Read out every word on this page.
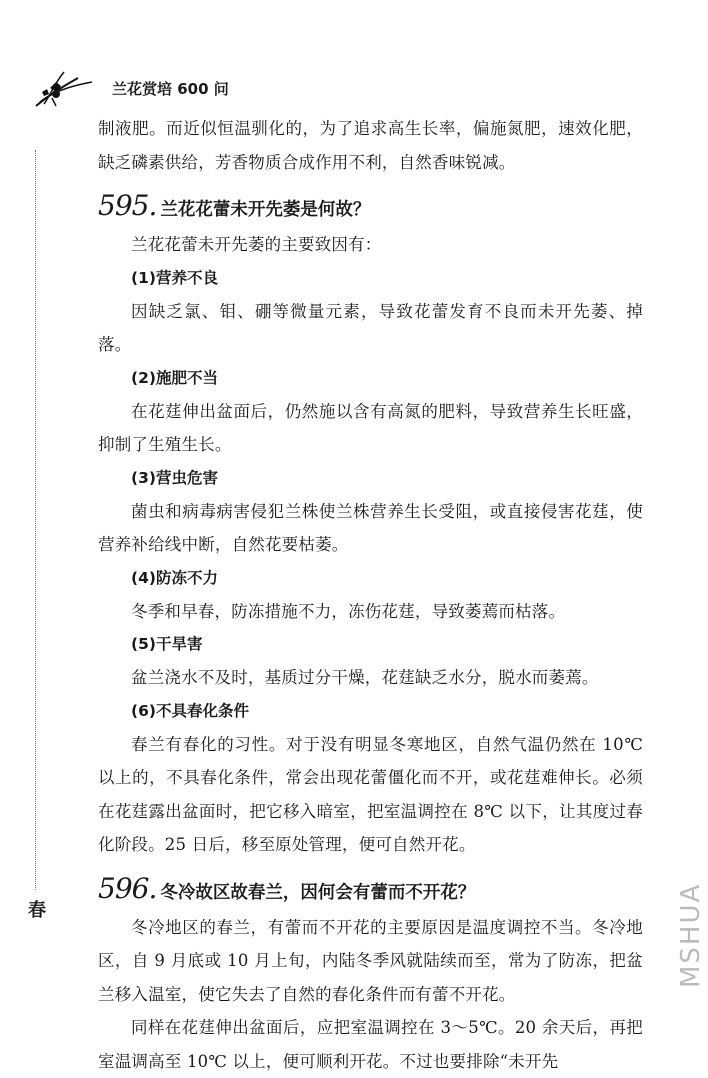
兰花赏培 600 问

制液肥。而近似恒温驯化的，为了追求高生长率，偏施氮肥，速效化肥，缺乏磷素供给，芳香物质合成作用不利，自然香味锐减。

595. 兰花花蕾未开先萎是何故？

兰花花蕾未开先萎的主要致因有：

(1)营养不良

因缺乏氯、钼、硼等微量元素，导致花蕾发育不良而未开先萎、掉落。

(2)施肥不当

在花莛伸出盆面后，仍然施以含有高氮的肥料，导致营养生长旺盛，抑制了生殖生长。

(3)营虫危害

菌虫和病毒病害侵犯兰株使兰株营养生长受阻，或直接侵害花莛，使营养补给线中断，自然花要枯萎。

(4)防冻不力

冬季和早春，防冻措施不力，冻伤花莛，导致萎蔫而枯落。

(5)干旱害

盆兰浇水不及时，基质过分干燥，花莛缺乏水分，脱水而萎蔫。

(6)不具春化条件

春兰有春化的习性。对于没有明显冬寒地区，自然气温仍然在 10℃ 以上的，不具春化条件，常会出现花蕾僵化而不开，或花莛难伸长。必须在花莛露出盆面时，把它移入暗室，把室温调控在 8℃ 以下，让其度过春化阶段。25 日后，移至原处管理，便可自然开花。

596. 冬冷故区故春兰，因何会有蕾而不开花？

冬冷地区的春兰，有蕾而不开花的主要原因是温度调控不当。冬冷地区，自 9 月底或 10 月上旬，内陆冬季风就陆续而至，常为了防冻，把盆兰移入温室，使它失去了自然的春化条件而有蕾不开花。

同样在花莛伸出盆面后，应把室温调控在 3～5℃。20 余天后，再把室温调高至 10℃ 以上，便可顺利开花。不过也要排除“未开先

春	MSHUA
